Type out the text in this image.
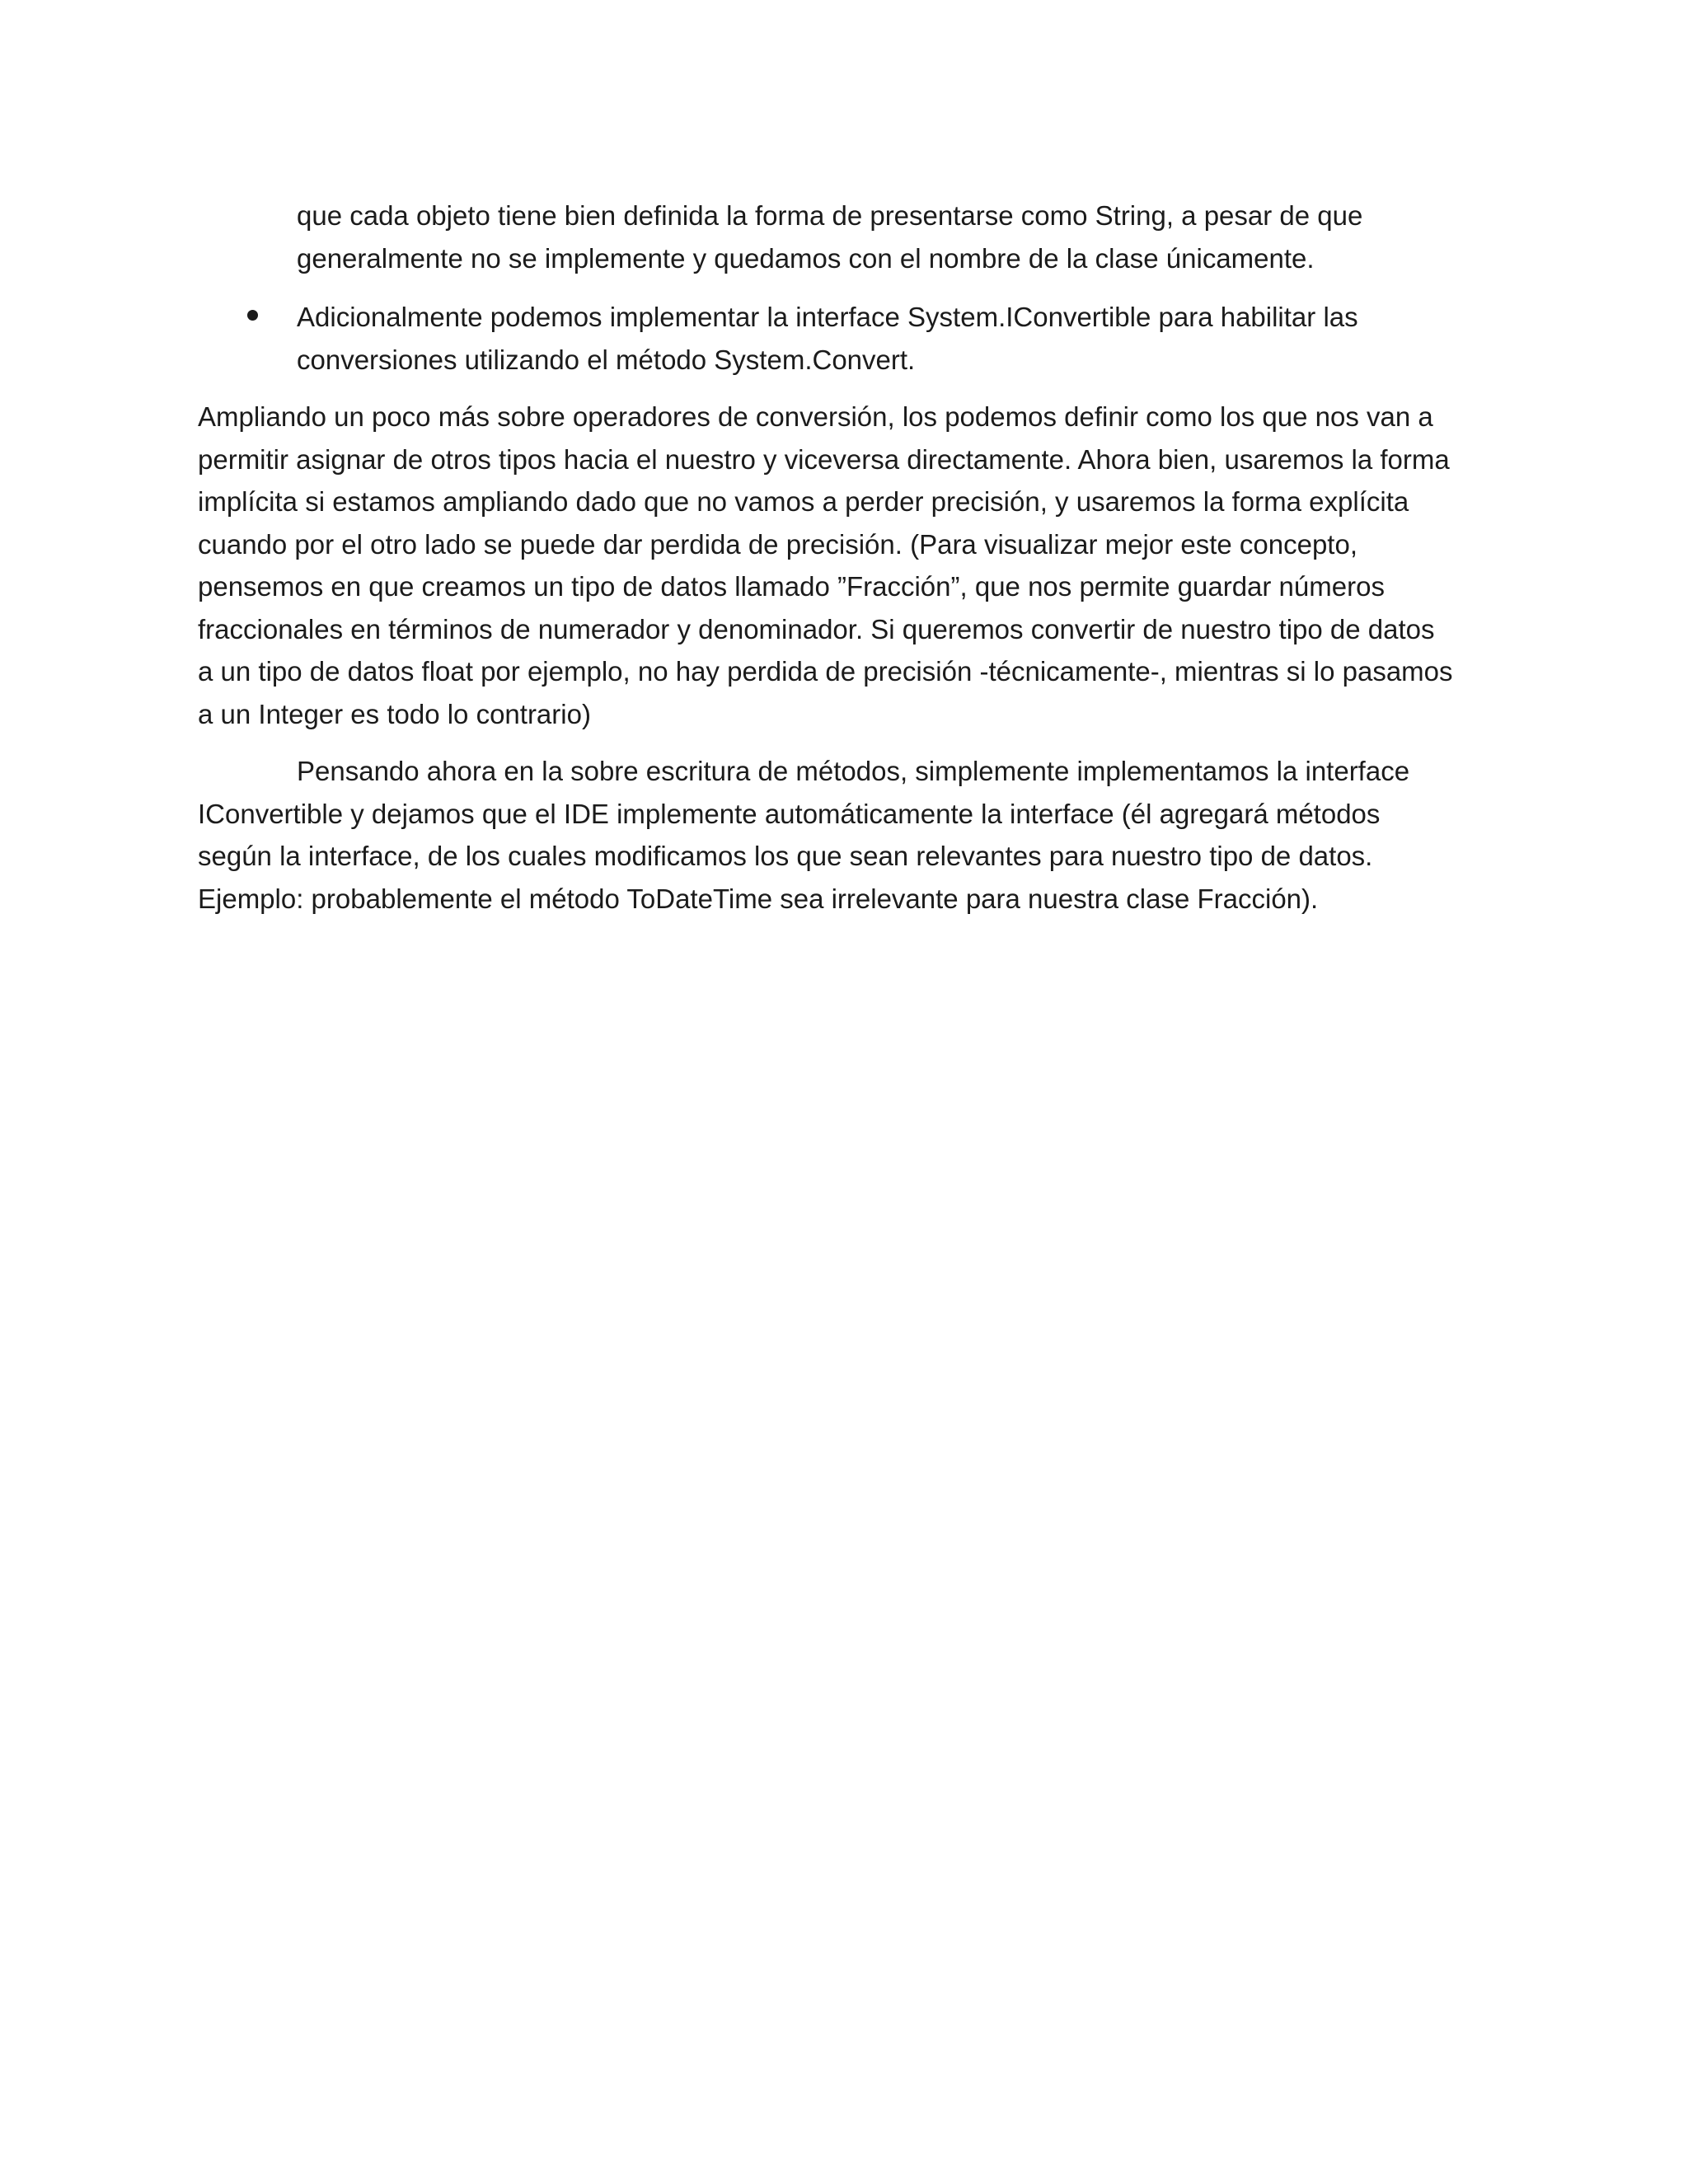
que cada objeto tiene bien definida la forma de presentarse como String, a pesar de que
generalmente no se implemente y quedamos con el nombre de la clase únicamente.
Adicionalmente podemos implementar la interface System.IConvertible para habilitar las
conversiones utilizando el método System.Convert.
Ampliando un poco más sobre operadores de conversión, los podemos definir como los que nos van a
permitir asignar de otros tipos hacia el nuestro y viceversa directamente. Ahora bien, usaremos la forma
implícita si estamos ampliando dado que no vamos a perder precisión, y usaremos la forma explícita
cuando por el otro lado se puede dar perdida de precisión. (Para visualizar mejor este concepto,
pensemos en que creamos un tipo de datos llamado ”Fracción”, que nos permite guardar números
fraccionales en términos de numerador y denominador. Si queremos convertir de nuestro tipo de datos
a un tipo de datos float por ejemplo, no hay perdida de precisión -técnicamente-, mientras si lo pasamos
a un Integer es todo lo contrario)
Pensando ahora en la sobre escritura de métodos, simplemente implementamos la interface
IConvertible y dejamos que el IDE implemente automáticamente la interface (él agregará métodos
según la interface, de los cuales modificamos los que sean relevantes para nuestro tipo de datos.
Ejemplo: probablemente el método ToDateTime sea irrelevante para nuestra clase Fracción).
